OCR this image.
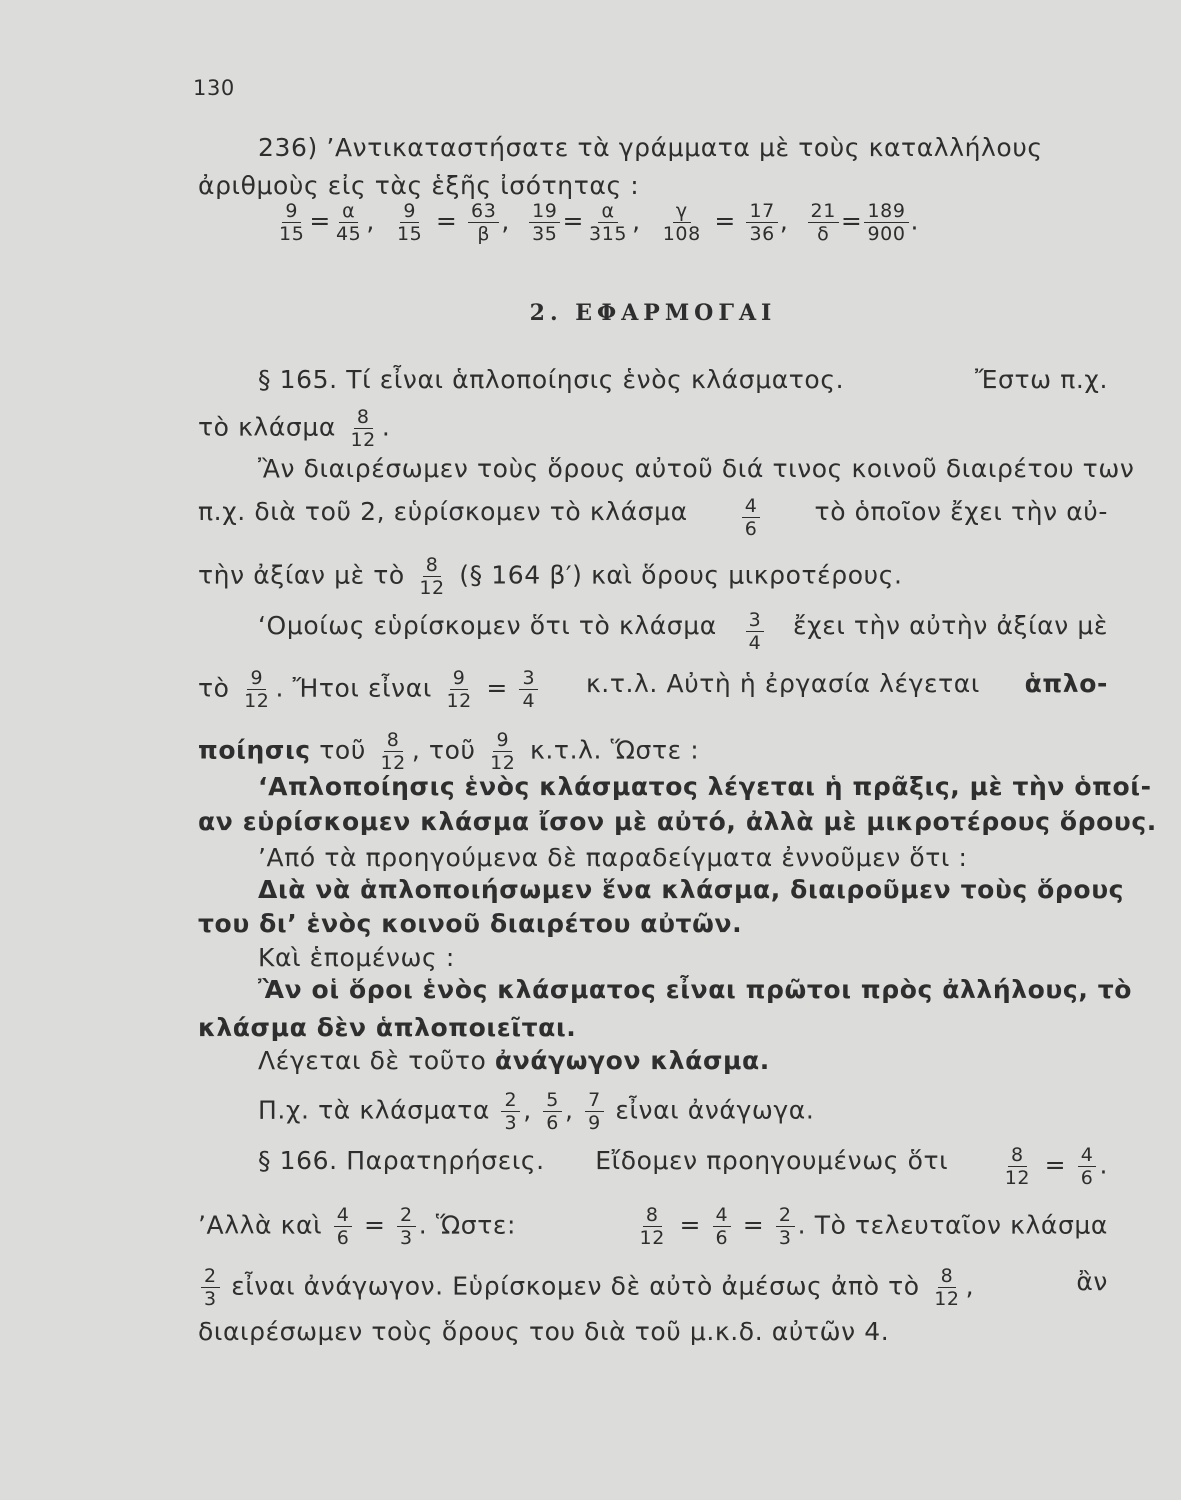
130
236) ’Αντικαταστήσατε τὰ γράμματα μὲ τοὺς καταλλήλους
ἀριθμοὺς εἰς τὰς ἑξῆς ἰσότητας :
$\frac{9}{15} = \frac{\alpha}{45}$ , $\frac{9}{15} = \frac{63}{\beta}$ , $\frac{19}{35} = \frac{\alpha}{315}$ , $\frac{\gamma}{108} = \frac{17}{36}$ , $\frac{21}{\delta} = \frac{189}{900}$ .
2. ΕΦΑΡΜΟΓΑΙ
§ 165. Τί εἶναι ἁπλοποίησις ἑνὸς κλάσματος.	Ἔστω π.χ.
τὸ κλάσμα $\frac{8}{12}$ .
Ἂν διαιρέσωμεν τοὺς ὅρους αὐτοῦ διά τινος κοινοῦ διαιρέτου των
π.χ. διὰ τοῦ 2, εὑρίσκομεν τὸ κλάσμα	$\frac{4}{6}$ τὸ ὁποῖον ἔχει τὴν αὐ-
τὴν ἀξίαν μὲ τὸ $\frac{8}{12}$ (§ 164 β′) καὶ ὅρους μικροτέρους.
‘Ομοίως εὑρίσκομεν ὅτι τὸ κλάσμα $\frac{3}{4}$ ἔχει τὴν αὐτὴν ἀξίαν μὲ
τὸ $\frac{9}{12}$ . Ἤτοι εἶναι $\frac{9}{12} = \frac{3}{4} \kappa.\tau.\lambda$. Αὐτὴ ἡ ἐργασία λέγεται ἁπλο-
ποίησις τοῦ $\frac{8}{12}$ , τοῦ $\frac{9}{12} \kappa.\tau.\lambda$. Ὥστε :
‘Απλοποίησις ἑνὸς κλάσματος λέγεται ἡ πρᾶξις, μὲ τὴν ὁποί-
αν εὑρίσκομεν κλάσμα ἴσον μὲ αὐτό, ἀλλὰ μὲ μικροτέρους ὅρους.
’Από τὰ προηγούμενα δὲ παραδείγματα ἐννοῦμεν ὅτι :
Διὰ νὰ ἁπλοποιήσωμεν ἕνα κλάσμα, διαιροῦμεν τοὺς ὅρους
του δι’ ἑνὸς κοινοῦ διαιρέτου αὐτῶν.
Καὶ ἑπομένως :
Ἂν οἱ ὅροι ἑνὸς κλάσματος εἶναι πρῶτοι πρὸς ἀλλήλους, τὸ
κλάσμα δὲν ἁπλοποιεῖται.
Λέγεται δὲ τοῦτο ἀνάγωγον κλάσμα.
Π.χ. τὰ κλάσματα $\frac{2}{3}$ , $\frac{5}{6}$ , $\frac{7}{9}$ εἶναι ἀνάγωγα.
§ 166. Παρατηρήσεις. Εἴδομεν προηγουμένως ὅτι	$\frac{8}{12} = \frac{4}{6}$ .
’Αλλὰ καὶ $\frac{4}{6} = \frac{2}{3}$ . Ὥστε:	$\frac{8}{12} = \frac{4}{6} = \frac{2}{3}$ . Τὸ τελευταῖον κλάσμα
$\frac{2}{3}$ εἶναι ἀνάγωγον. Εὑρίσκομεν δὲ αὐτὸ ἀμέσως ἀπὸ τὸ $\frac{8}{12}$ ,	ἂν
διαιρέσωμεν τοὺς ὅρους του διὰ τοῦ μ.κ.δ. αὐτῶν 4.
